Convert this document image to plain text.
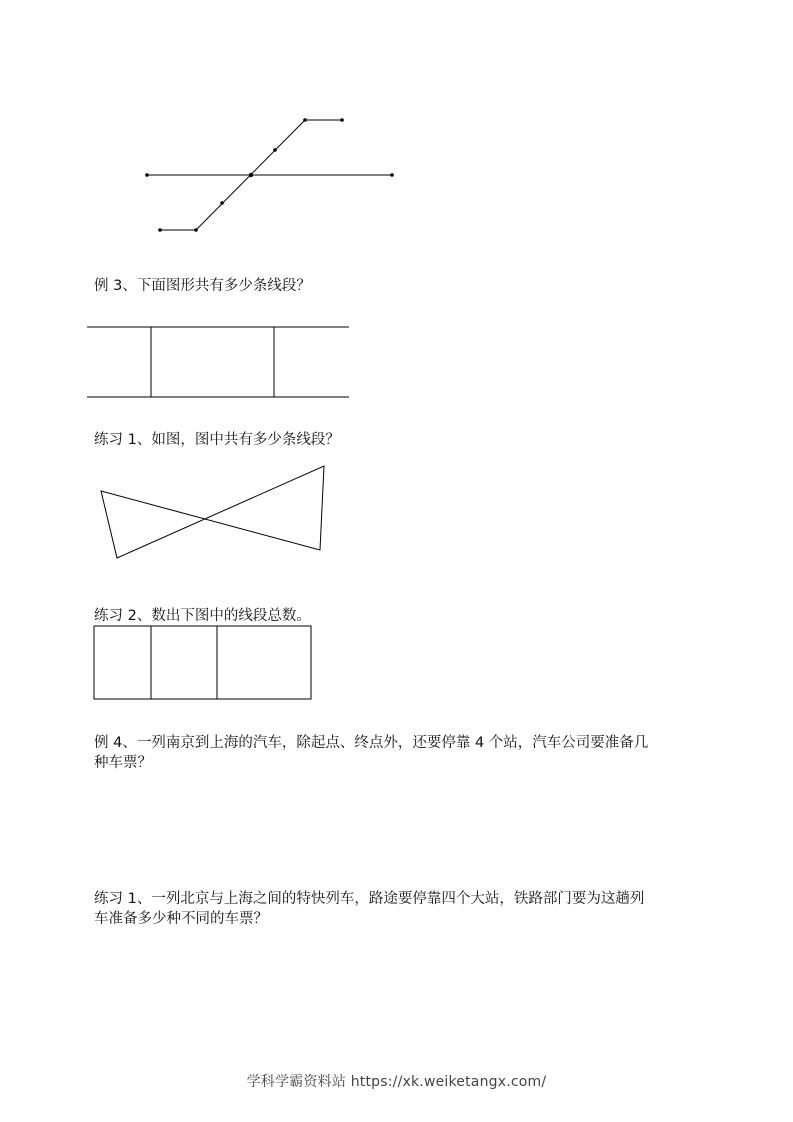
例 3、下面图形共有多少条线段？

练习 1、如图，图中共有多少条线段？

练习 2、数出下图中的线段总数。

例 4、一列南京到上海的汽车，除起点、终点外，还要停靠 4 个站，汽车公司要准备几

种车票？

练习 1、一列北京与上海之间的特快列车，路途要停靠四个大站，铁路部门要为这趟列

车准备多少种不同的车票？

学科学霸资料站 https://xk.weiketangx.com/
